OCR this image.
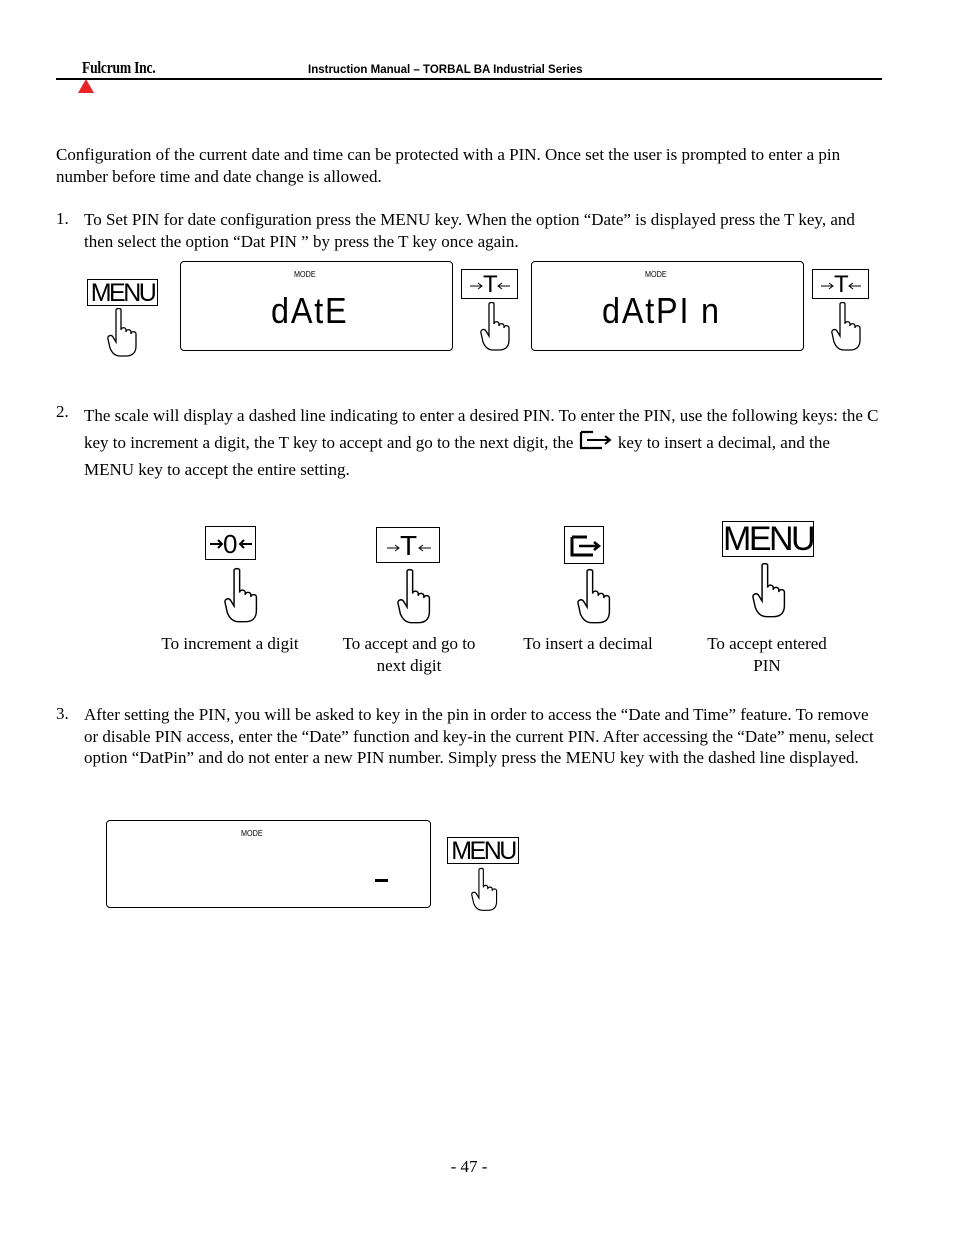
Fulcrum Inc.	Instruction Manual – TORBAL BA Industrial Series
Configuration of the current date and time can be protected with a PIN. Once set the user is prompted to enter a pin number before time and date change is allowed.
1. To Set PIN for date configuration press the MENU key. When the option “Date” is displayed press the T key, and then select the option “Dat PIN ” by press the T key once again.
MENU
MODE
dAtE
T	MODE
dAtPI n
T
2. The scale will display a dashed line indicating to enter a desired PIN. To enter the PIN, use the following keys: the C key to increment a digit, the T key to accept and go to the next digit, the	key to insert a decimal, and the MENU key to accept the entire setting.
0
To increment a digit
T
To accept and go to next digit
To insert a decimal
MENU
To accept entered PIN
3. After setting the PIN, you will be asked to key in the pin in order to access the “Date and Time” feature. To remove or disable PIN access, enter the “Date” function and key-in the current PIN. After accessing the “Date” menu, select option “DatPin” and do not enter a new PIN number. Simply press the MENU key with the dashed line displayed.
MODE
MENU
- 47 -
